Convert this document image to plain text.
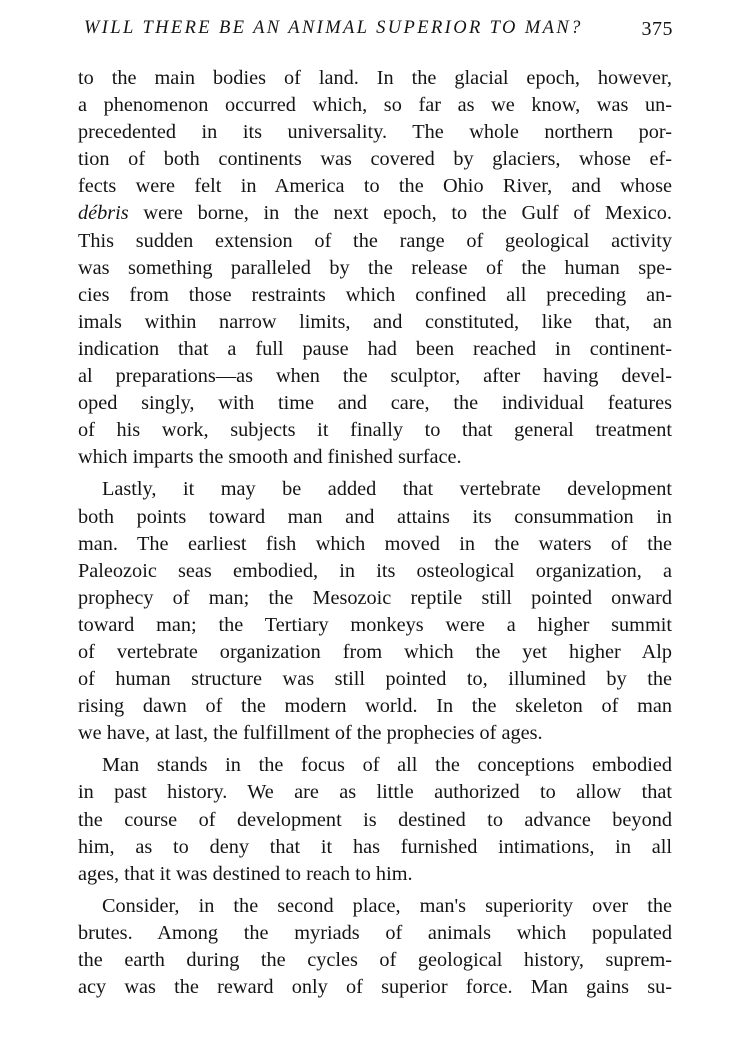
WILL THERE BE AN ANIMAL SUPERIOR TO MAN?	375

to the main bodies of land. In the glacial epoch, however,
a phenomenon occurred which, so far as we know, was un-
precedented in its universality. The whole northern por-
tion of both continents was covered by glaciers, whose ef-
fects were felt in America to the Ohio River, and whose
débris were borne, in the next epoch, to the Gulf of Mexico.
This sudden extension of the range of geological activity
was something paralleled by the release of the human spe-
cies from those restraints which confined all preceding an-
imals within narrow limits, and constituted, like that, an
indication that a full pause had been reached in continent-
al preparations—as when the sculptor, after having devel-
oped singly, with time and care, the individual features
of his work, subjects it finally to that general treatment
which imparts the smooth and finished surface.

Lastly, it may be added that vertebrate development
both points toward man and attains its consummation in
man. The earliest fish which moved in the waters of the
Paleozoic seas embodied, in its osteological organization, a
prophecy of man; the Mesozoic reptile still pointed onward
toward man; the Tertiary monkeys were a higher summit
of vertebrate organization from which the yet higher Alp
of human structure was still pointed to, illumined by the
rising dawn of the modern world. In the skeleton of man
we have, at last, the fulfillment of the prophecies of ages.

Man stands in the focus of all the conceptions embodied
in past history. We are as little authorized to allow that
the course of development is destined to advance beyond
him, as to deny that it has furnished intimations, in all
ages, that it was destined to reach to him.

Consider, in the second place, man's superiority over the
brutes. Among the myriads of animals which populated
the earth during the cycles of geological history, suprem-
acy was the reward only of superior force. Man gains su-
